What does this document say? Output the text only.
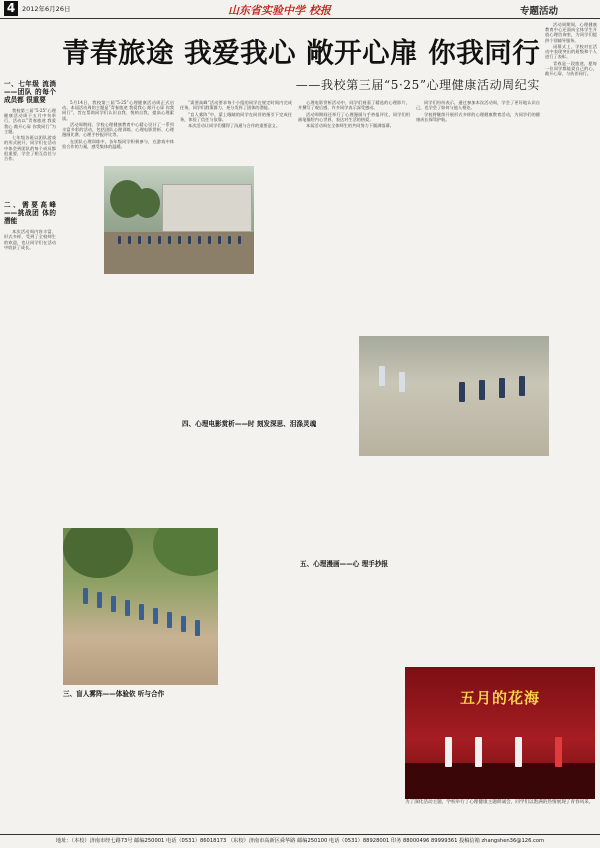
4	2012年6月26日	山东省实验中学 校报	专题活动
一、七年级 流淌——团队 的每个成员都 很重要

我校第三届“5·25”心理健康活动周于五月中旬举行，活动以“青春旅途 我爱我心 敞开心扉 你我同行”为主题。

七年级各班以团队游戏的形式展开，同学们在活动中体会到团队的每个成员都很重要，学会了相互信任与合作。

二、需要高峰——挑战团 体的潜能

本次活动周内容丰富、形式多样，受到了全校师生的欢迎，也让同学们在活动中收获了成长。

青春旅途 我爱我心 敞开心扉 你我同行
——我校第三届“5·25”心理健康活动周纪实
五月的花海
为了深化活动主题，学校举行了心理健康主题朗诵会，同学们以饱满的热情展现了青春风采。

5月14日，我校第三届“5·25”心理健康活动周正式启动。本届活动周的主题是“青春旅途 我爱我心 敞开心扉 你我同行”，旨在帮助同学们认识自我、悦纳自我，提高心理素质。

活动周期间，学校心理健康教育中心精心设计了一系列丰富多彩的活动，包括团队心理训练、心理电影赏析、心理漫画比赛、心理手抄报评比等。

在团队心理训练中，各年级同学积极参与，在游戏中体验合作的力量，感受集体的温暖。

“需要高峰”活动要求每个小组的同学在规定时间内完成任务，同学们群策群力，充分发挥了团体的潜能。

“盲人雾阵”中，蒙上眼睛的同学在同伴的指引下完成任务，体验了信任与依靠。

本次活动让同学们懂得了沟通与合作的重要意义。

心理电影赏析活动中，同学们观看了精选的心理影片，并撰写了观后感，许多同学表示深受感动。

活动周期间还举行了心理漫画与手抄报评比，同学们用画笔描绘内心世界，表达对生活的热爱。

本届活动周在全体师生的共同努力下圆满落幕。

同学们纷纷表示，通过参加本次活动周，学会了更好地认识自己，也学会了如何与他人相处。

学校将继续开展形式多样的心理健康教育活动，为同学们的健康成长保驾护航。

三、盲人雾阵——体验依 听与合作
四、心理电影赏析——时 刻发深思、泪涤灵魂
五、心理漫画——心 理手抄报

活动周期间，心理健康教育中心还面向全体学生开放心理咨询室，为同学们提供个别辅导服务。

闭幕式上，学校对在活动中表现突出的班级和个人进行了表彰。

青春是一段旅途，愿每一位同学都能爱自己的心，敞开心扉，与伙伴同行。

地址：（本校）济南市经七路73号 邮编250001 电话（0531）86018173 （东校）济南市高新区舜华路 邮编250100 电话（0531）88928001 印务 88000496 89999361 投稿信箱 zhangshen36@126.com
